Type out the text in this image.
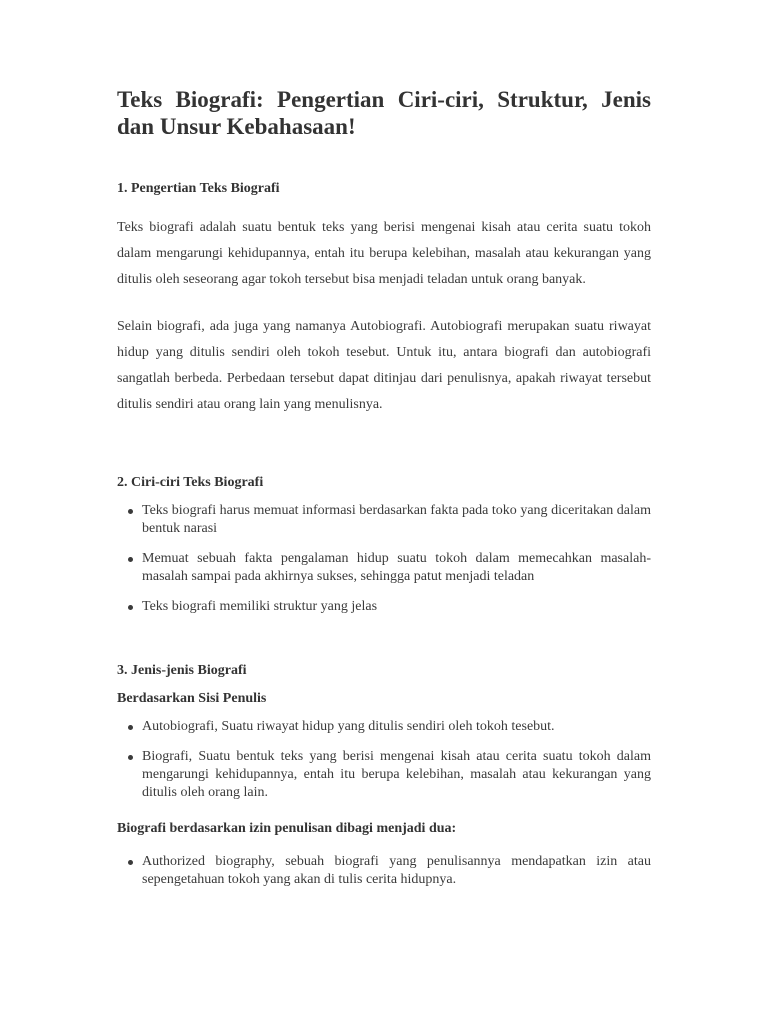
Teks Biografi: Pengertian Ciri-ciri, Struktur, Jenis dan Unsur Kebahasaan!
1. Pengertian Teks Biografi

Teks biografi adalah suatu bentuk teks yang berisi mengenai kisah atau cerita suatu tokoh dalam mengarungi kehidupannya, entah itu berupa kelebihan, masalah atau kekurangan yang ditulis oleh seseorang agar tokoh tersebut bisa menjadi teladan untuk orang banyak.

Selain biografi, ada juga yang namanya Autobiografi. Autobiografi merupakan suatu riwayat hidup yang ditulis sendiri oleh tokoh tesebut. Untuk itu, antara biografi dan autobiografi sangatlah berbeda. Perbedaan tersebut dapat ditinjau dari penulisnya, apakah riwayat tersebut ditulis sendiri atau orang lain yang menulisnya.

2. Ciri-ciri Teks Biografi
Teks biografi harus memuat informasi berdasarkan fakta pada toko yang diceritakan dalam bentuk narasi
Memuat sebuah fakta pengalaman hidup suatu tokoh dalam memecahkan masalah-masalah sampai pada akhirnya sukses, sehingga patut menjadi teladan
Teks biografi memiliki struktur yang jelas
3. Jenis-jenis Biografi
Berdasarkan Sisi Penulis
Autobiografi, Suatu riwayat hidup yang ditulis sendiri oleh tokoh tesebut.
Biografi, Suatu bentuk teks yang berisi mengenai kisah atau cerita suatu tokoh dalam mengarungi kehidupannya, entah itu berupa kelebihan, masalah atau kekurangan yang ditulis oleh orang lain.
Biografi berdasarkan izin penulisan dibagi menjadi dua:
Authorized biography, sebuah biografi yang penulisannya mendapatkan izin atau sepengetahuan tokoh yang akan di tulis cerita hidupnya.
